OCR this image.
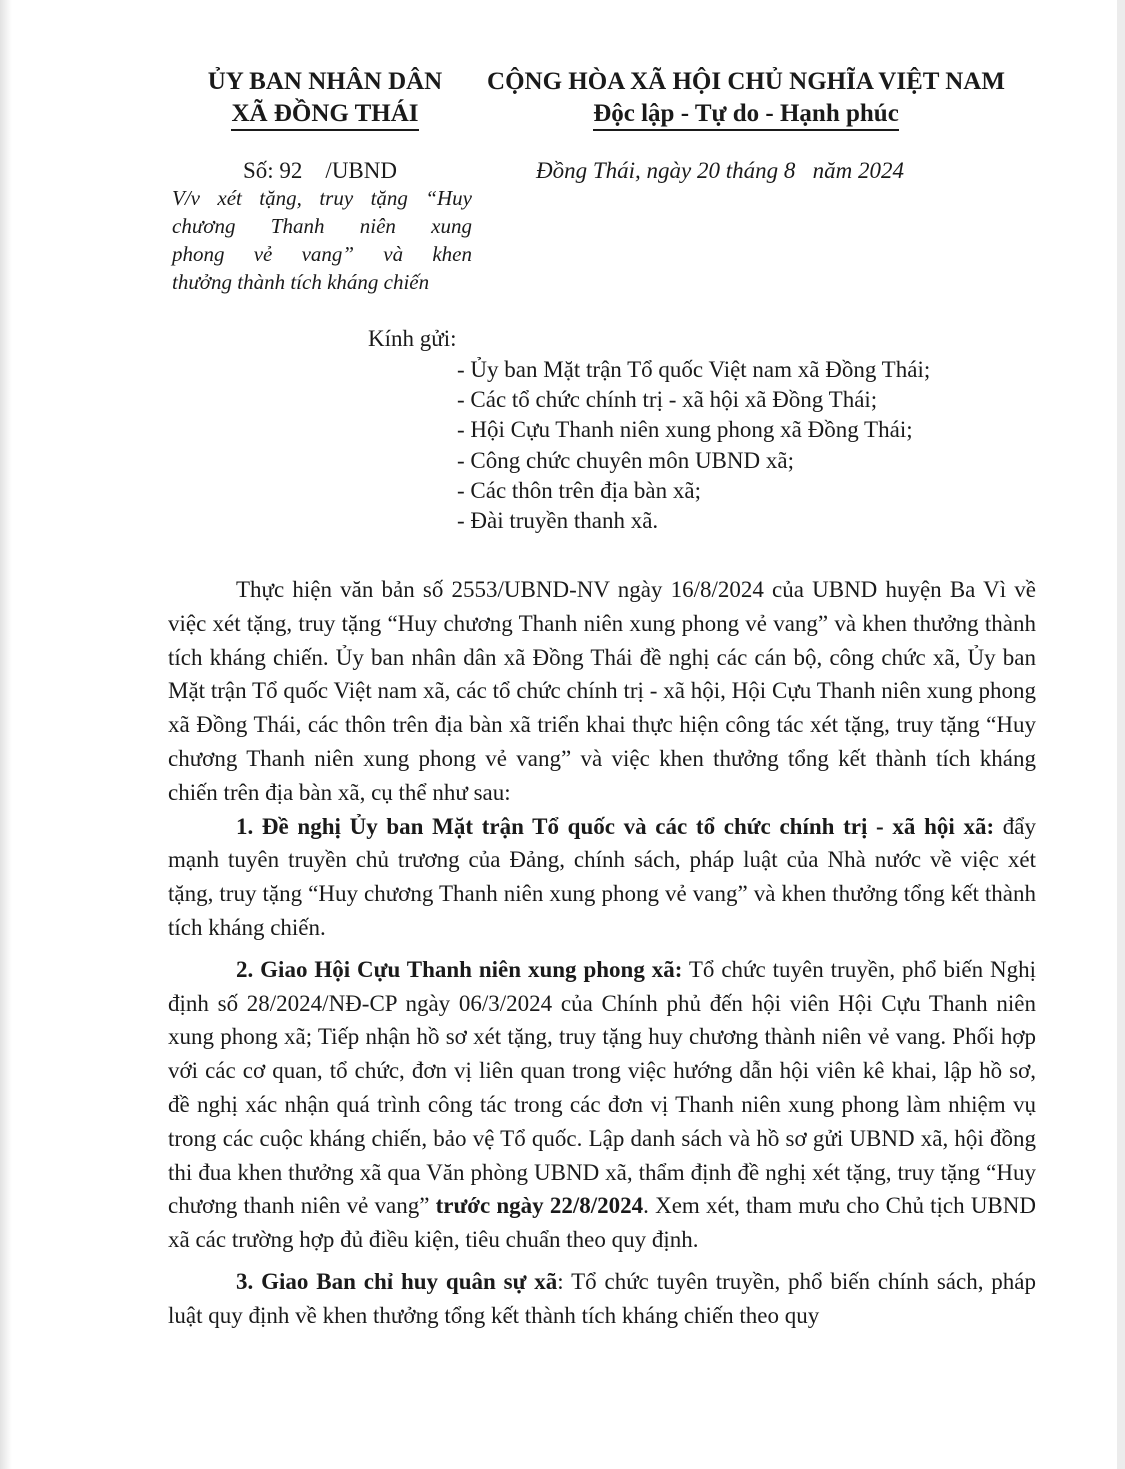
ỦY BAN NHÂN DÂN
XÃ ĐỒNG THÁI
CỘNG HÒA XÃ HỘI CHỦ NGHĨA VIỆT NAM
Độc lập - Tự do - Hạnh phúc
Số: 92    /UBND
V/v xét tặng, truy tặng “Huy
chương Thanh niên xung
phong vẻ vang” và khen
thưởng thành tích kháng chiến
Đồng Thái, ngày 20 tháng 8   năm 2024
Kính gửi:
- Ủy ban Mặt trận Tổ quốc Việt nam xã Đồng Thái;
- Các tổ chức chính trị - xã hội xã Đồng Thái;
- Hội Cựu Thanh niên xung phong xã Đồng Thái;
- Công chức chuyên môn UBND xã;
- Các thôn trên địa bàn xã;
- Đài truyền thanh xã.

Thực hiện văn bản số 2553/UBND-NV ngày 16/8/2024 của UBND huyện Ba Vì về việc xét tặng, truy tặng “Huy chương Thanh niên xung phong vẻ vang” và khen thưởng thành tích kháng chiến. Ủy ban nhân dân xã Đồng Thái đề nghị các cán bộ, công chức xã, Ủy ban Mặt trận Tổ quốc Việt nam xã, các tổ chức chính trị - xã hội, Hội Cựu Thanh niên xung phong xã Đồng Thái, các thôn trên địa bàn xã triển khai thực hiện công tác xét tặng, truy tặng “Huy chương Thanh niên xung phong vẻ vang” và việc khen thưởng tổng kết thành tích kháng chiến trên địa bàn xã, cụ thể như sau:

1. Đề nghị Ủy ban Mặt trận Tổ quốc và các tổ chức chính trị - xã hội xã: đẩy mạnh tuyên truyền chủ trương của Đảng, chính sách, pháp luật của Nhà nước về việc xét tặng, truy tặng “Huy chương Thanh niên xung phong vẻ vang” và khen thưởng tổng kết thành tích kháng chiến.

2. Giao Hội Cựu Thanh niên xung phong xã: Tổ chức tuyên truyền, phổ biến Nghị định số 28/2024/NĐ-CP ngày 06/3/2024 của Chính phủ đến hội viên Hội Cựu Thanh niên xung phong xã; Tiếp nhận hồ sơ xét tặng, truy tặng huy chương thành niên vẻ vang. Phối hợp với các cơ quan, tổ chức, đơn vị liên quan trong việc hướng dẫn hội viên kê khai, lập hồ sơ, đề nghị xác nhận quá trình công tác trong các đơn vị Thanh niên xung phong làm nhiệm vụ trong các cuộc kháng chiến, bảo vệ Tổ quốc. Lập danh sách và hồ sơ gửi UBND xã, hội đồng thi đua khen thưởng xã qua Văn phòng UBND xã, thẩm định đề nghị xét tặng, truy tặng “Huy chương thanh niên vẻ vang” trước ngày 22/8/2024. Xem xét, tham mưu cho Chủ tịch UBND xã các trường hợp đủ điều kiện, tiêu chuẩn theo quy định.

3. Giao Ban chỉ huy quân sự xã: Tổ chức tuyên truyền, phổ biến chính sách, pháp luật quy định về khen thưởng tổng kết thành tích kháng chiến theo quy
